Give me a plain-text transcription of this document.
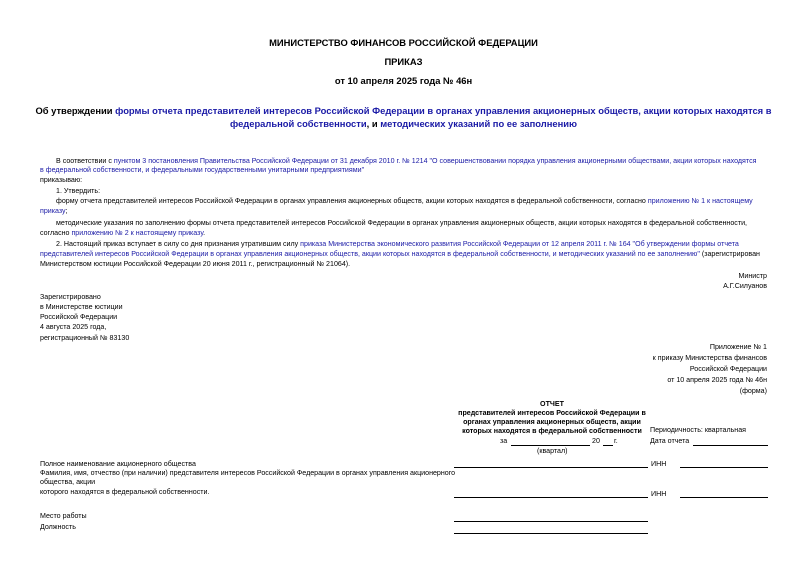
МИНИСТЕРСТВО ФИНАНСОВ РОССИЙСКОЙ ФЕДЕРАЦИИ
ПРИКАЗ
от 10 апреля 2025 года № 46н
Об утверждении формы отчета представителей интересов Российской Федерации в органах управления акционерных обществ, акции которых находятся в
федеральной собственности, и методических указаний по ее заполнению
В соответствии с пунктом 3 постановления Правительства Российской Федерации от 31 декабря 2010 г. № 1214 "О совершенствовании порядка управления акционерными обществами, акции которых находятся
в федеральной собственности, и федеральными государственными унитарными предприятиями"
приказываю:
1. Утвердить:
форму отчета представителей интересов Российской Федерации в органах управления акционерных обществ, акции которых находятся в федеральной собственности, согласно приложению № 1 к настоящему
приказу;
методические указания по заполнению формы отчета представителей интересов Российской Федерации в органах управления акционерных обществ, акции которых находятся в федеральной собственности,
согласно приложению № 2 к настоящему приказу.
2. Настоящий приказ вступает в силу со дня признания утратившим силу приказа Министерства экономического развития Российской Федерации от 12 апреля 2011 г. № 164 "Об утверждении формы отчета
представителей интересов Российской Федерации в органах управления акционерных обществ, акции которых находятся в федеральной собственности, и методических указаний по ее заполнению" (зарегистрирован
Министерством юстиции Российской Федерации 20 июня 2011 г., регистрационный № 21064).
Министр
А.Г.Силуанов
Зарегистрировано
в Министерстве юстиции
Российской Федерации
4 августа 2025 года,
регистрационный № 83130
Приложение № 1
к приказу Министерства финансов
Российской Федерации
от 10 апреля 2025 года № 46н
(форма)
ОТЧЕТ
представителей интересов Российской Федерации в
органах управления акционерных обществ, акции
которых находятся в федеральной собственности	Периодичность: квартальная
за	20 г.
(квартал)
Дата отчета
Полное наименование акционерного общества	ИНН
Фамилия, имя, отчество (при наличии) представителя интересов Российской Федерации в органах управления акционерного
общества, акции
которого находятся в федеральной собственности.	ИНН
Место работы
Должность
